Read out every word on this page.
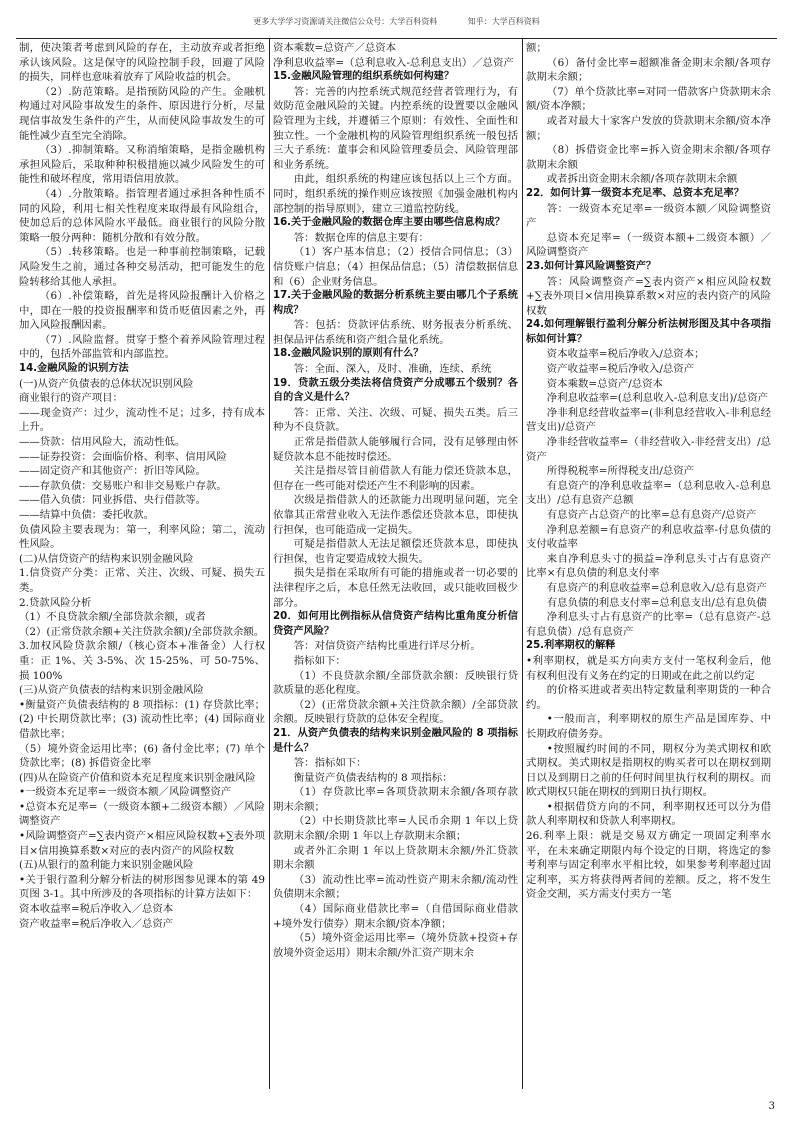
更多大学学习资源请关注微信公众号：大学百科资料	知乎：大学百科资料

制，使决策者考虑到风险的存在，主动放弃或者拒绝承认该风险。这是保守的风险控制手段，回避了风险的损失，同样也意味着放弃了风险收益的机会。

（2）.防范策略。是指预防风险的产生。金融机构通过对风险事故发生的条件、原因进行分析，尽量现信事故发生条件的产生，从而使风险事故发生的可能性减少直至完全消除。

（3）.抑制策略。又称消缩策略，是指金融机构承担风险后，采取种种积极措施以减少风险发生的可能性和破坏程度，常用语信用放款。

（4）.分散策略。指管理者通过承担各种性质不同的风险，利用七相关性程度来取得最有风险组合，使加总后的总体风险水平最低。商业银行的风险分散策略一般分两种：随机分散和有效分散。

（5）.转移策略。也是一种事前控制策略，记载风险发生之前，通过各种交易活动，把可能发生的危险转移给其他人承担。

（6）.补偿策略，首先是将风险报酬计入价格之中，即在一般的投资报酬率和货币贬值因素之外，再加入风险报酬因素。

（7）.风险监督。贯穿于整个着养风险管理过程中的，包括外部监管和内部监控。

14.金融风险的识别方法

(一)从资产负债表的总体状况识别风险

商业银行的资产项目：

——现金资产：过少，流动性不足；过多，持有成本上升。

——贷款：信用风险大，流动性低。

——证券投资：会面临价格、利率、信用风险

——固定资产和其他资产：折旧等风险。

——存款负债：交易账户和非交易账户存款。

——借入负债：同业拆借、央行借款等。

——结算中负债：委托收款。

负债风险主要表现为：第一，利率风险；第二，流动性风险。

(二)从信贷资产的结构来识别金融风险

1.信贷资产分类：正常、关注、次级、可疑、损失五类。

2.贷款风险分析

（1）不良贷款余额/全部贷款余额，或者

（2）(正常贷款余额+关注贷款余额)/全部贷款余额。

3.加权风险贷款余额/（核心资本+准备金）人行权重：正 1%、关 3-5%、次 15-25%、可 50-75%、损 100%

(三)从资产负债表的结构来识别金融风险

•衡量资产负债表结构的 8 项指标：(1) 存贷款比率；(2) 中长期贷款比率；(3) 流动性比率；(4) 国际商业借款比率；

（5）境外资金运用比率；(6) 备付金比率；(7) 单个贷款比率；(8) 拆借资金比率

(四)从在险资产价值和资本充足程度来识别金融风险

•一级资本充足率=一级资本额／风险调整资产

•总资本充足率=（一级资本额+二级资本额）／风险调整资产

•风险调整资产=∑表内资产×相应风险权数+∑表外项目×信用换算系数×对应的表内资产的风险权数

(五)从银行的盈利能力来识别金融风险

•关于银行盈利分解分析法的树形图参见课本的第 49 页图 3-1。其中所涉及的各项指标的计算方法如下：

资本收益率=税后净收入／总资本

资产收益率=税后净收入／总资产

资本乘数=总资产／总资本

净利息收益率=（总利息收入-总利息支出）／总资产

15.金融风险管理的组织系统如何构建？

答：完善的内控系统式规范经营者管理行为，有效防范金融风险的关键。内控系统的设置要以金融风险管理为主线，并遵循三个原则：有效性、全面性和独立性。一个金融机构的风险管理组织系统一般包括三大子系统：董事会和风险管理委员会、风险管理部和业务系统。

由此，组织系统的构建应该包括以上三个方面。同时，组织系统的操作则应该按照《加强金融机构内部控制的指导原则》，建立三道监控防线。

16.关于金融风险的数据仓库主要由哪些信息构成？

答：数据仓库的信息主要有：

（1）客户基本信息；（2）授信合同信息；（3）信贷账户信息；（4）担保品信息；（5）清偿数据信息和（6）企业财务信息。

17.关于金融风险的数据分析系统主要由哪几个子系统构成？

答：包括：贷款评估系统、财务报表分析系统、担保品评估系统和资产组合量化系统。

18.金融风险识别的原则有什么？

答：全面、深入，及时、准确，连续、系统

19．贷款五级分类法将信贷资产分成哪五个级别？各自的含义是什么？

答：正常、关注、次级、可疑、损失五类。后三种为不良贷款。

正常是指借款人能够履行合同，没有足够理由怀疑贷款本息不能按时偿还。

关注是指尽管目前借款人有能力偿还贷款本息，但存在一些可能对偿还产生不利影响的因素。

次级是指借款人的还款能力出现明显问题，完全依靠其正常营业收入无法作悉偿还贷款本息，即使执行担保，也可能造成一定损失。

可疑是指借款人无法足额偿还贷款本息，即使执行担保，也肯定要造成较大损失。

损失是指在采取所有可能的措施或者一切必要的法律程序之后，本息任然无法收回，或只能收回极少部分。

20．如何用比例指标从信贷资产结构比重角度分析信贷资产风险？

答：对信贷资产结构比重进行详尽分析。

指标如下：

（1）不良贷款余额/全部贷款余额：反映银行贷款质量的恶化程度。

（2）(正常贷款余额+关注贷款余额）/全部贷款余额。反映银行贷款的总体安全程度。

21．从资产负债表的结构来识别金融风险的 8 项指标是什么？

答：指标如下：

衡量资产负债表结构的 8 项指标：

（1）存贷款比率=各项贷款期末余额/各项存款期末余额；

（2）中长期贷款比率=人民币余期 1 年以上贷款期末余额/余期 1 年以上存款期末余额；

或者外汇余期 1 年以上贷款期末余额/外汇贷款期末余额

（3）流动性比率=流动性资产期末余额/流动性负债期末余额；

（4）国际商业借款比率=（自借国际商业借款+境外发行债券）期末余额/资本净额；

（5）境外资金运用比率=（境外贷款+投资+存放境外资金运用）期末余额/外汇资产期末余

额；

（6）备付金比率=超额准备金期末余额/各项存款期末余额；

（7）单个贷款比率=对同一借款客户贷款期末余额/资本净额；

或者对最大十家客户发放的贷款期末余额/资本净额；

（8）拆借资金比率=拆入资金期末余额/各项存款期末余额

或者拆出资金期末余额/各项存款期末余额

22．如何计算一级资本充足率、总资本充足率？

答：一级资本充足率=一级资本额／风险调整资产

总资本充足率=（一级资本额+二级资本额）／风险调整资产

23.如何计算风险调整资产？

答：风险调整资产=∑表内资产×相应风险权数+∑表外项目×信用换算系数×对应的表内资产的风险权数

24.如何理解银行盈利分解分析法树形图及其中各项指标如何计算？

资本收益率=税后净收入/总资本；

资产收益率=税后净收入/总资产

资本乘数=总资产/总资本

净利息收益率=(总利息收入-总利息支出)/总资产

净非利息经营收益率=(非利息经营收入-非利息经营支出)/总资产

净非经营收益率=（非经营收入-非经营支出）/总资产

所得税税率=所得税支出/总资产

有息资产的净利息收益率=（总利息收入-总利息支出）/总有息资产总额

有息资产占总资产的比率=总有息资产/总资产

净利息差额=有息资产的利息收益率-付息负债的支付收益率

来自净利息头寸的损益=净利息头寸占有息资产比率×有息负债的利息支付率

有息资产的利息收益率=总利息收入/总有息资产

有息负债的利息支付率=总利息支出/总有息负债

净利息头寸占有息资产的比率=（总有息资产-总有息负债）/总有息资产

25.利率期权的解释

•利率期权，就是买方向卖方支付一笔权利金后，他有权利但没有义务在约定的日期或在此之前以约定

的价格买进或者卖出特定数量利率期货的一种合约。

•一般而言，利率期权的原生产品是国库券、中长期政府债务券。

•按照履约时间的不同，期权分为美式期权和欧式期权。美式期权是指期权的购买者可以在期权到期日以及到期日之前的任何时间里执行权利的期权。而欧式期权只能在期权的到期日执行期权。

•根据借贷方向的不同，利率期权还可以分为借款人利率期权和贷款人利率期权。

26.利率上限：就是交易双方确定一项固定利率水平，在未来确定期限内每个设定的日期，将选定的参考利率与固定利率水平相比较，如果参考利率超过固定利率，买方将获得两者间的差额。反之，将不发生资金交割，买方需支付卖方一笔

3
